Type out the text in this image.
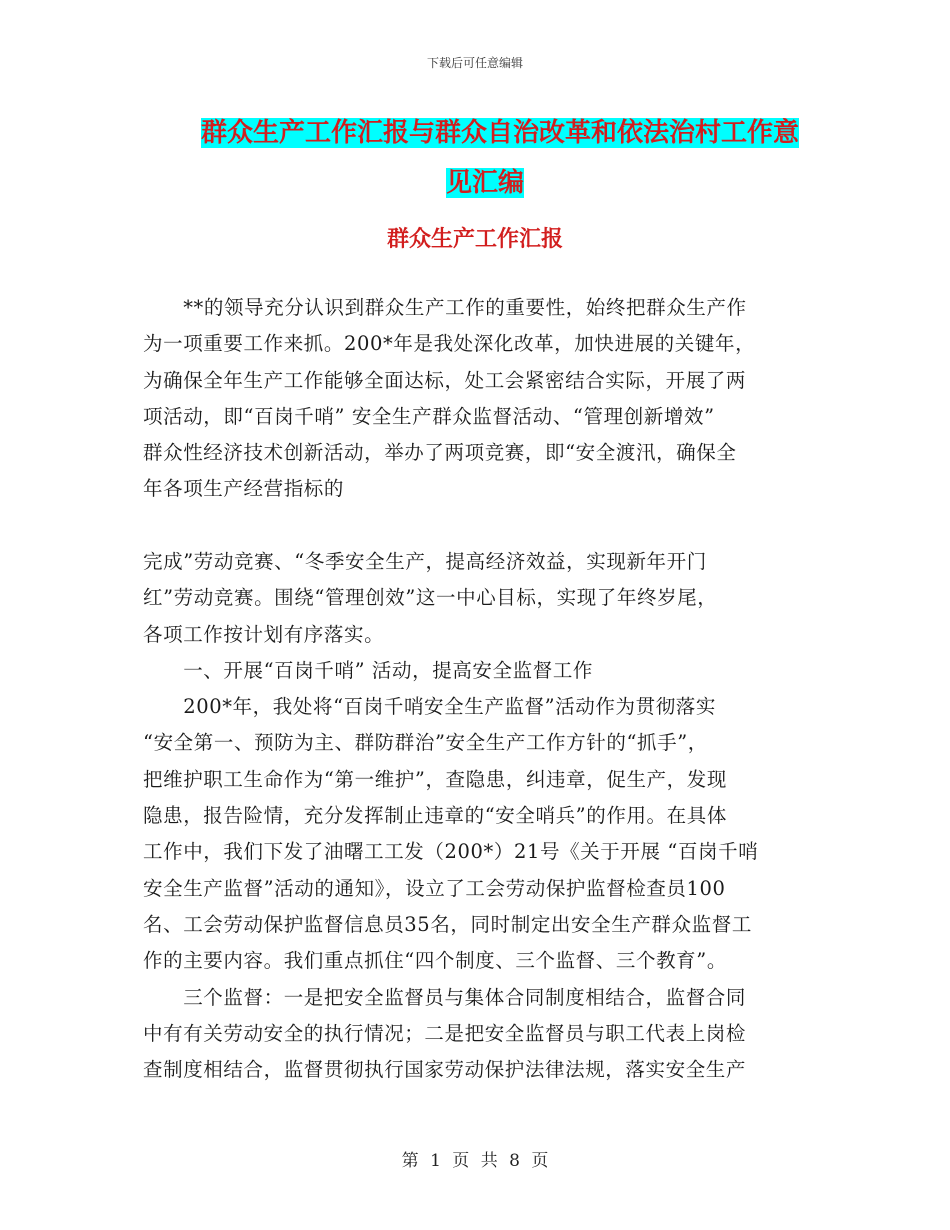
下载后可任意编辑
群众生产工作汇报与群众自治改革和依法治村工作意
见汇编
群众生产工作汇报
　　**的领导充分认识到群众生产工作的重要性，始终把群众生产作
为一项重要工作来抓。200*年是我处深化改革，加快进展的关键年，
为确保全年生产工作能够全面达标，处工会紧密结合实际，开展了两
项活动，即“百岗千哨” 安全生产群众监督活动、“管理创新增效”
群众性经济技术创新活动，举办了两项竞赛，即“安全渡汛，确保全
年各项生产经营指标的
完成”劳动竞赛、“冬季安全生产，提高经济效益，实现新年开门
红”劳动竞赛。围绕“管理创效”这一中心目标，实现了年终岁尾，
各项工作按计划有序落实。
　　一、开展“百岗千哨” 活动，提高安全监督工作
　　200*年，我处将“百岗千哨安全生产监督”活动作为贯彻落实
“安全第一、预防为主、群防群治”安全生产工作方针的“抓手”，
把维护职工生命作为“第一维护”，查隐患，纠违章，促生产，发现
隐患，报告险情，充分发挥制止违章的“安全哨兵”的作用。在具体
工作中，我们下发了油曙工工发（200*）21号《关于开展 “百岗千哨
安全生产监督”活动的通知》，设立了工会劳动保护监督检查员100
名、工会劳动保护监督信息员35名，同时制定出安全生产群众监督工
作的主要内容。我们重点抓住“四个制度、三个监督、三个教育”。
　　三个监督：一是把安全监督员与集体合同制度相结合，监督合同
中有有关劳动安全的执行情况；二是把安全监督员与职工代表上岗检
查制度相结合，监督贯彻执行国家劳动保护法律法规，落实安全生产
第 1 页 共 8 页
